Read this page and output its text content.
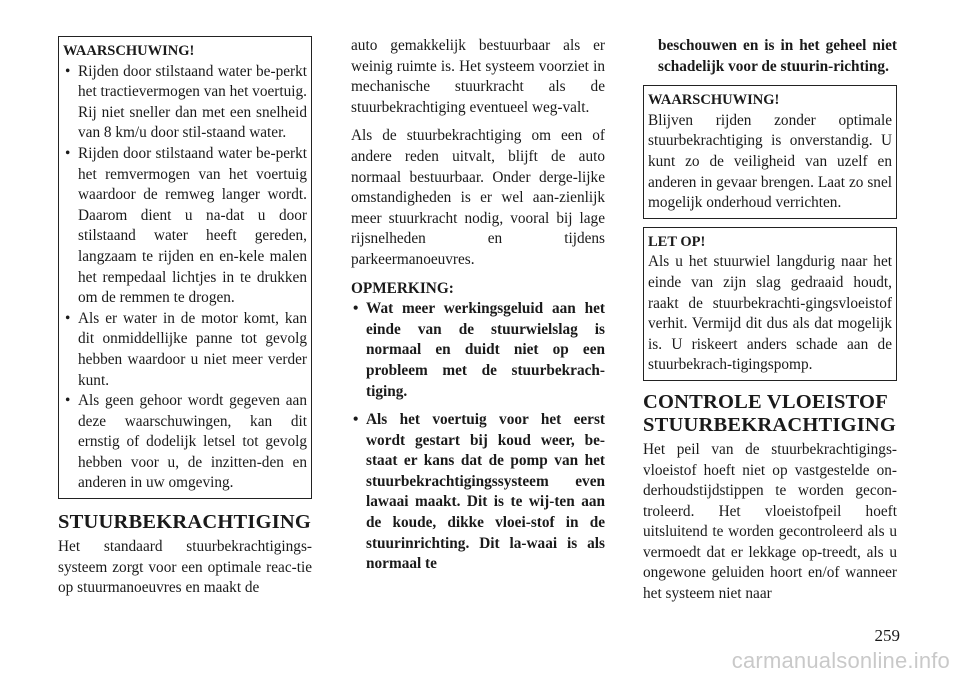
WAARSCHUWING!
• Rijden door stilstaand water be-perkt het tractievermogen van het voertuig. Rij niet sneller dan met een snelheid van 8 km/u door stil-staand water.
• Rijden door stilstaand water be-perkt het remvermogen van het voertuig waardoor de remweg langer wordt. Daarom dient u na-dat u door stilstaand water heeft gereden, langzaam te rijden en en-kele malen het rempedaal lichtjes in te drukken om de remmen te drogen.
• Als er water in de motor komt, kan dit onmiddellijke panne tot gevolg hebben waardoor u niet meer verder kunt.
• Als geen gehoor wordt gegeven aan deze waarschuwingen, kan dit ernstig of dodelijk letsel tot gevolg hebben voor u, de inzitten-den en anderen in uw omgeving.
STUURBEKRACHTIGING

Het standaard stuurbekrachtigings-systeem zorgt voor een optimale reac-tie op stuurmanoeuvres en maakt de

auto gemakkelijk bestuurbaar als er weinig ruimte is. Het systeem voorziet in mechanische stuurkracht als de stuurbekrachtiging eventueel weg-valt.

Als de stuurbekrachtiging om een of andere reden uitvalt, blijft de auto normaal bestuurbaar. Onder derge-lijke omstandigheden is er wel aan-zienlijk meer stuurkracht nodig, vooral bij lage rijsnelheden en tijdens parkeermanoeuvres.

OPMERKING:
• Wat meer werkingsgeluid aan het einde van de stuurwielslag is normaal en duidt niet op een probleem met de stuurbekrach-tiging.
• Als het voertuig voor het eerst wordt gestart bij koud weer, be-staat er kans dat de pomp van het stuurbekrachtigingssysteem even lawaai maakt. Dit is te wij-ten aan de koude, dikke vloei-stof in de stuurinrichting. Dit la-waai is als normaal te

beschouwen en is in het geheel niet schadelijk voor de stuurin-richting.

WAARSCHUWING!

Blijven rijden zonder optimale stuurbekrachtiging is onverstandig. U kunt zo de veiligheid van uzelf en anderen in gevaar brengen. Laat zo snel mogelijk onderhoud verrichten.

LET OP!

Als u het stuurwiel langdurig naar het einde van zijn slag gedraaid houdt, raakt de stuurbekrachti-gingsvloeistof verhit. Vermijd dit dus als dat mogelijk is. U riskeert anders schade aan de stuurbekrach-tigingspomp.

CONTROLE VLOEISTOF STUURBEKRACHTIGING

Het peil van de stuurbekrachtigings-vloeistof hoeft niet op vastgestelde on-derhoudstijdstippen te worden gecon-troleerd. Het vloeistofpeil hoeft uitsluitend te worden gecontroleerd als u vermoedt dat er lekkage op-treedt, als u ongewone geluiden hoort en/of wanneer het systeem niet naar

259
carmanualsonline.info
